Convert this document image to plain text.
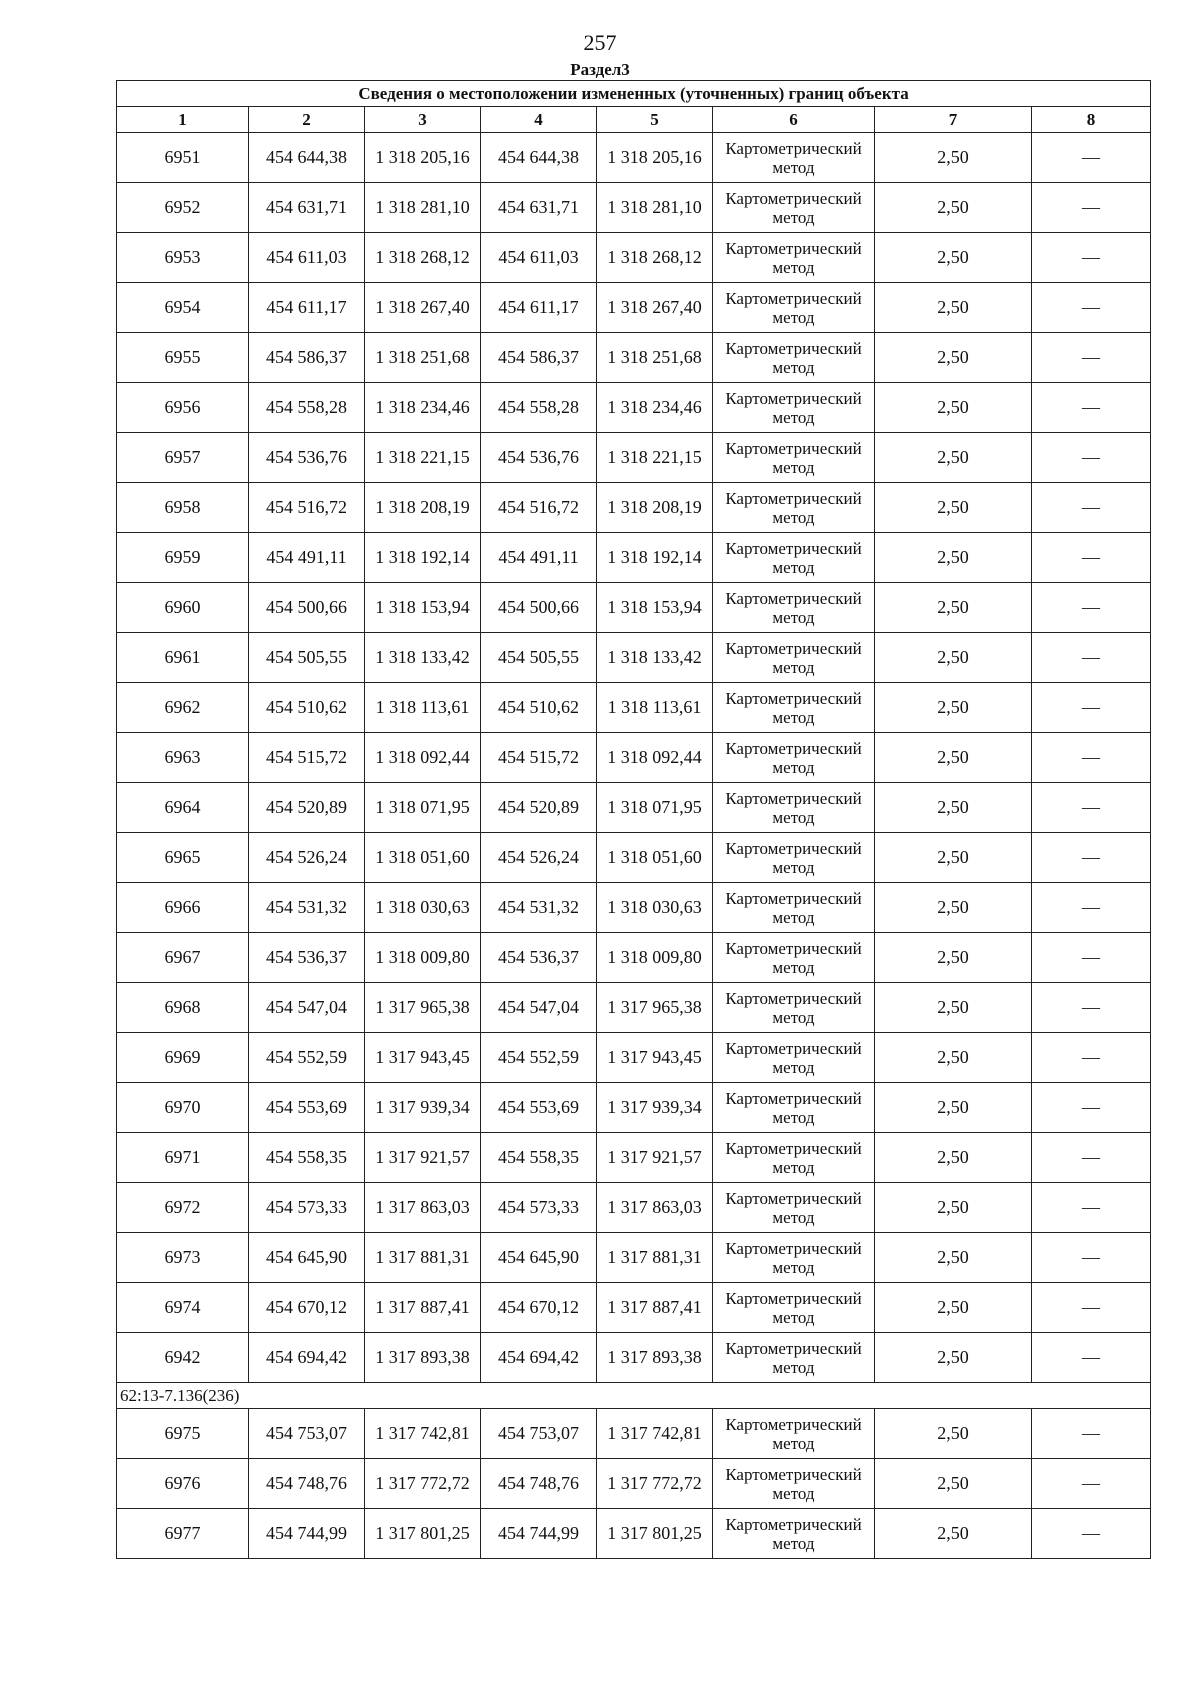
257
Раздел3
Сведения о местоположении измененных (уточненных) границ объекта							
1	2	3	4	5	6	7	8
6951	454 644,38	1 318 205,16	454 644,38	1 318 205,16	Картометрический метод	2,50	—
6952	454 631,71	1 318 281,10	454 631,71	1 318 281,10	Картометрический метод	2,50	—
6953	454 611,03	1 318 268,12	454 611,03	1 318 268,12	Картометрический метод	2,50	—
6954	454 611,17	1 318 267,40	454 611,17	1 318 267,40	Картометрический метод	2,50	—
6955	454 586,37	1 318 251,68	454 586,37	1 318 251,68	Картометрический метод	2,50	—
6956	454 558,28	1 318 234,46	454 558,28	1 318 234,46	Картометрический метод	2,50	—
6957	454 536,76	1 318 221,15	454 536,76	1 318 221,15	Картометрический метод	2,50	—
6958	454 516,72	1 318 208,19	454 516,72	1 318 208,19	Картометрический метод	2,50	—
6959	454 491,11	1 318 192,14	454 491,11	1 318 192,14	Картометрический метод	2,50	—
6960	454 500,66	1 318 153,94	454 500,66	1 318 153,94	Картометрический метод	2,50	—
6961	454 505,55	1 318 133,42	454 505,55	1 318 133,42	Картометрический метод	2,50	—
6962	454 510,62	1 318 113,61	454 510,62	1 318 113,61	Картометрический метод	2,50	—
6963	454 515,72	1 318 092,44	454 515,72	1 318 092,44	Картометрический метод	2,50	—
6964	454 520,89	1 318 071,95	454 520,89	1 318 071,95	Картометрический метод	2,50	—
6965	454 526,24	1 318 051,60	454 526,24	1 318 051,60	Картометрический метод	2,50	—
6966	454 531,32	1 318 030,63	454 531,32	1 318 030,63	Картометрический метод	2,50	—
6967	454 536,37	1 318 009,80	454 536,37	1 318 009,80	Картометрический метод	2,50	—
6968	454 547,04	1 317 965,38	454 547,04	1 317 965,38	Картометрический метод	2,50	—
6969	454 552,59	1 317 943,45	454 552,59	1 317 943,45	Картометрический метод	2,50	—
6970	454 553,69	1 317 939,34	454 553,69	1 317 939,34	Картометрический метод	2,50	—
6971	454 558,35	1 317 921,57	454 558,35	1 317 921,57	Картометрический метод	2,50	—
6972	454 573,33	1 317 863,03	454 573,33	1 317 863,03	Картометрический метод	2,50	—
6973	454 645,90	1 317 881,31	454 645,90	1 317 881,31	Картометрический метод	2,50	—
6974	454 670,12	1 317 887,41	454 670,12	1 317 887,41	Картометрический метод	2,50	—
6942	454 694,42	1 317 893,38	454 694,42	1 317 893,38	Картометрический метод	2,50	—
62:13-7.136(236)							
6975	454 753,07	1 317 742,81	454 753,07	1 317 742,81	Картометрический метод	2,50	—
6976	454 748,76	1 317 772,72	454 748,76	1 317 772,72	Картометрический метод	2,50	—
6977	454 744,99	1 317 801,25	454 744,99	1 317 801,25	Картометрический метод	2,50	—
